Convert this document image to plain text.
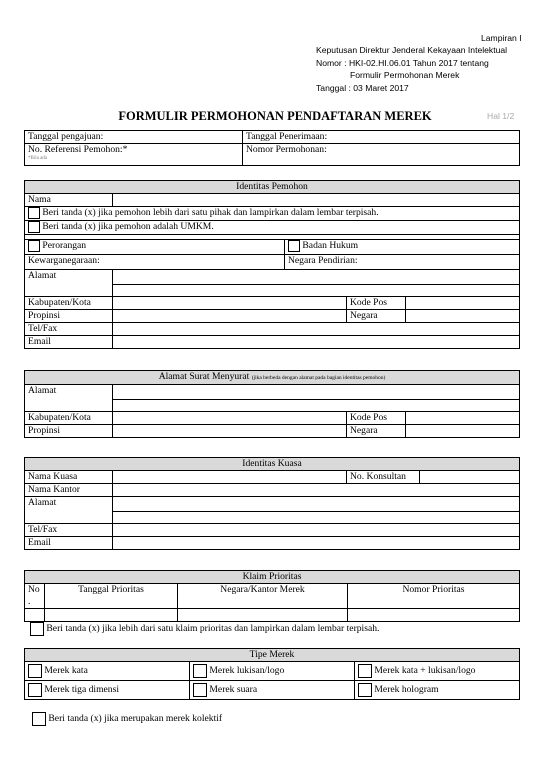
Lampiran I
Keputusan Direktur Jenderal Kekayaan Intelektual
Nomor : HKI-02.HI.06.01 Tahun 2017 tentang
Formulir Permohonan Merek
Tanggal : 03 Maret 2017
FORMULIR PERMOHONAN PENDAFTARAN MEREK	Hal 1/2
Tanggal pengajuan:	Tanggal Penerimaan:
No. Referensi Pemohon:*
*Bila ada	Nomor Permohonan:
Identitas Pemohon				
Nama				
Beri tanda (x) jika pemohon lebih dari satu pihak dan lampirkan dalam lembar terpisah.				
Beri tanda (x) jika pemohon adalah UMKM.				

Perorangan		Badan Hukum		
Kewarganegaraan:		Negara Pendirian:		
Alamat				

Kabupaten/Kota			Kode Pos	
Propinsi			Negara	
Tel/Fax				
Email				
Alamat Surat Menyurat (jika berbeda dengan alamat pada bagian identitas pemohon)			
Alamat			

Kabupaten/Kota		Kode Pos	
Propinsi		Negara	
Identitas Kuasa			
Nama Kuasa		No. Konsultan	
Nama Kantor			
Alamat			

Tel/Fax			
Email			
Klaim Prioritas			
No
.	Tanggal Prioritas	Negara/Kantor Merek	Nomor Prioritas

Beri tanda (x) jika lebih dari satu klaim prioritas dan lampirkan dalam lembar terpisah.
Tipe Merek		
Merek kata	Merek lukisan/logo	Merek kata + lukisan/logo
Merek tiga dimensi	Merek suara	Merek hologram
Beri tanda (x) jika merupakan merek kolektif
